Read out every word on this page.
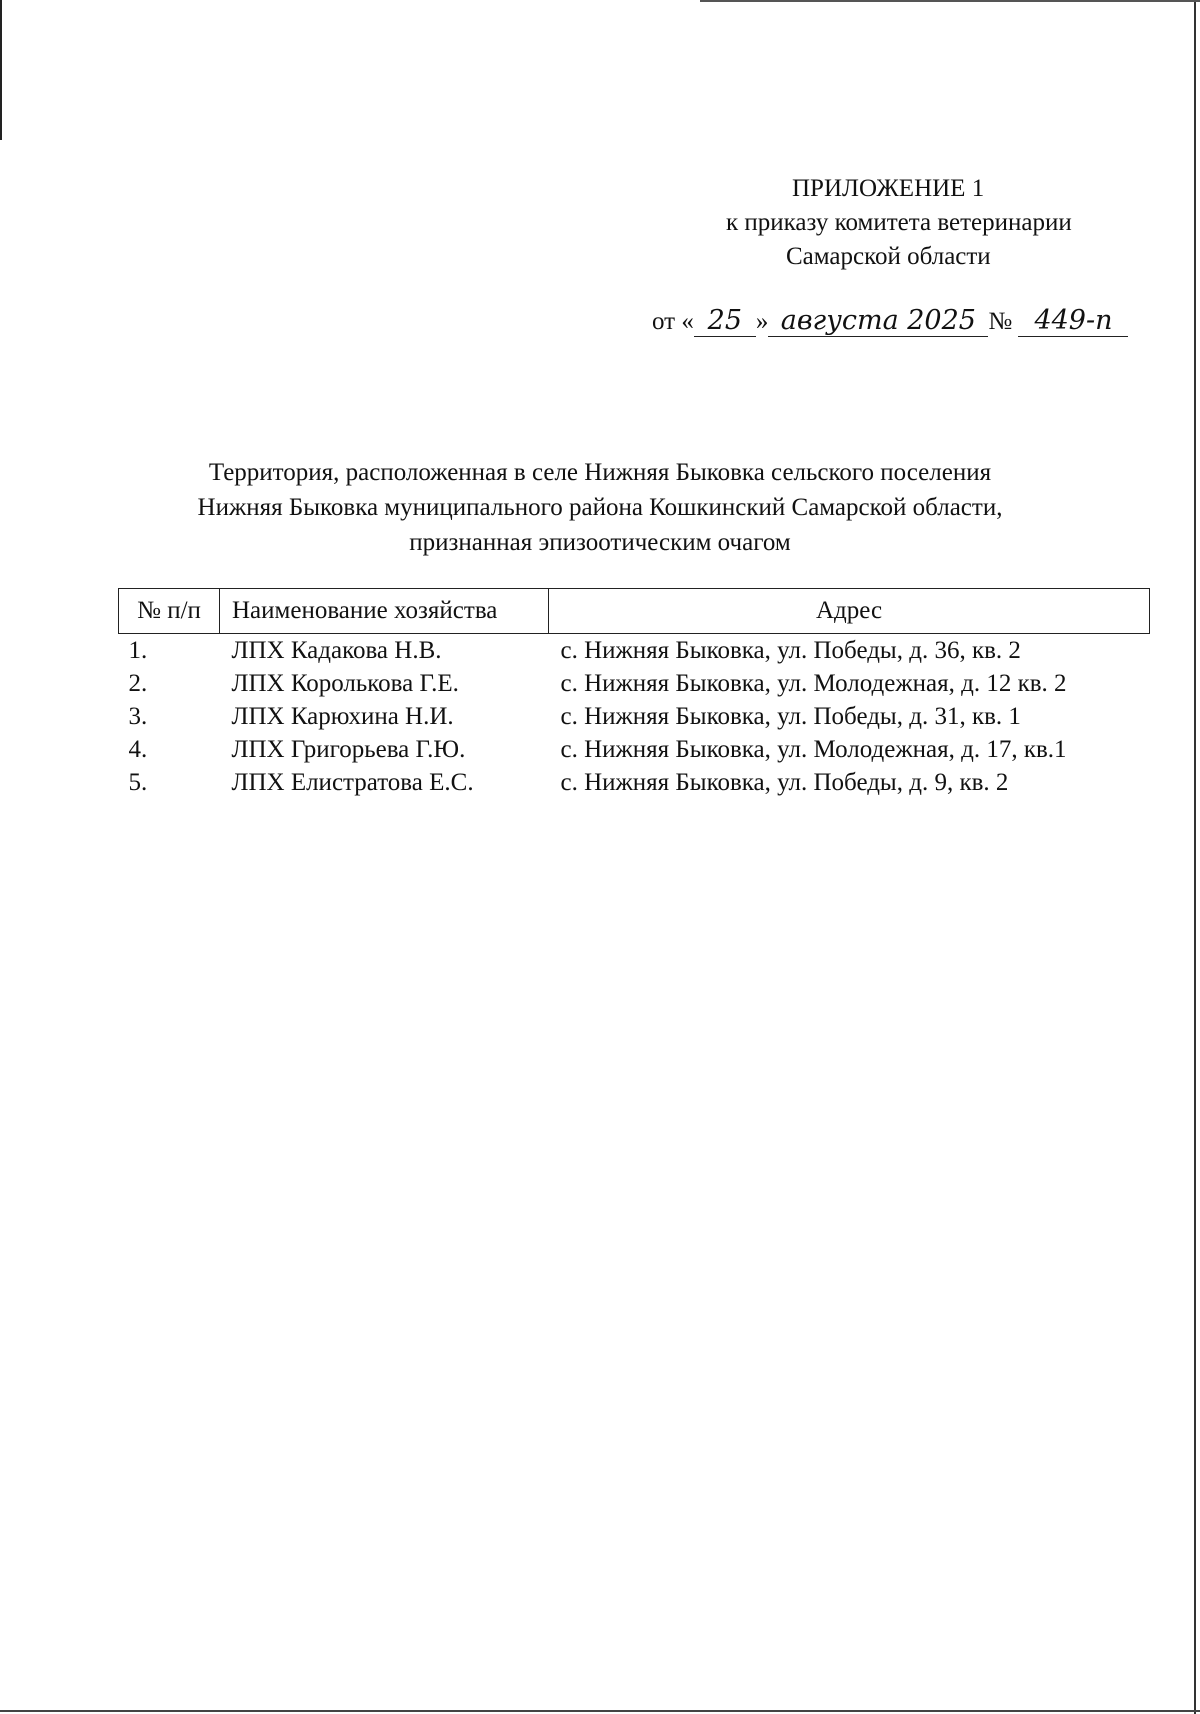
ПРИЛОЖЕНИЕ 1
к приказу комитета ветеринарии
Самарской области
от « 25 » августа 2025 № 449-п
Территория, расположенная в селе Нижняя Быковка сельского поселения
Нижняя Быковка муниципального района Кошкинский Самарской области,
признанная эпизоотическим очагом
№ п/п	Наименование хозяйства	Адрес
1.	ЛПХ Кадакова Н.В.	с. Нижняя Быковка, ул. Победы, д. 36, кв. 2
2.	ЛПХ Королькова Г.Е.	с. Нижняя Быковка, ул. Молодежная, д. 12 кв. 2
3.	ЛПХ Карюхина Н.И.	с. Нижняя Быковка, ул. Победы, д. 31, кв. 1
4.	ЛПХ Григорьева Г.Ю.	с. Нижняя Быковка, ул. Молодежная, д. 17, кв.1
5.	ЛПХ Елистратова Е.С.	с. Нижняя Быковка, ул. Победы, д. 9, кв. 2
